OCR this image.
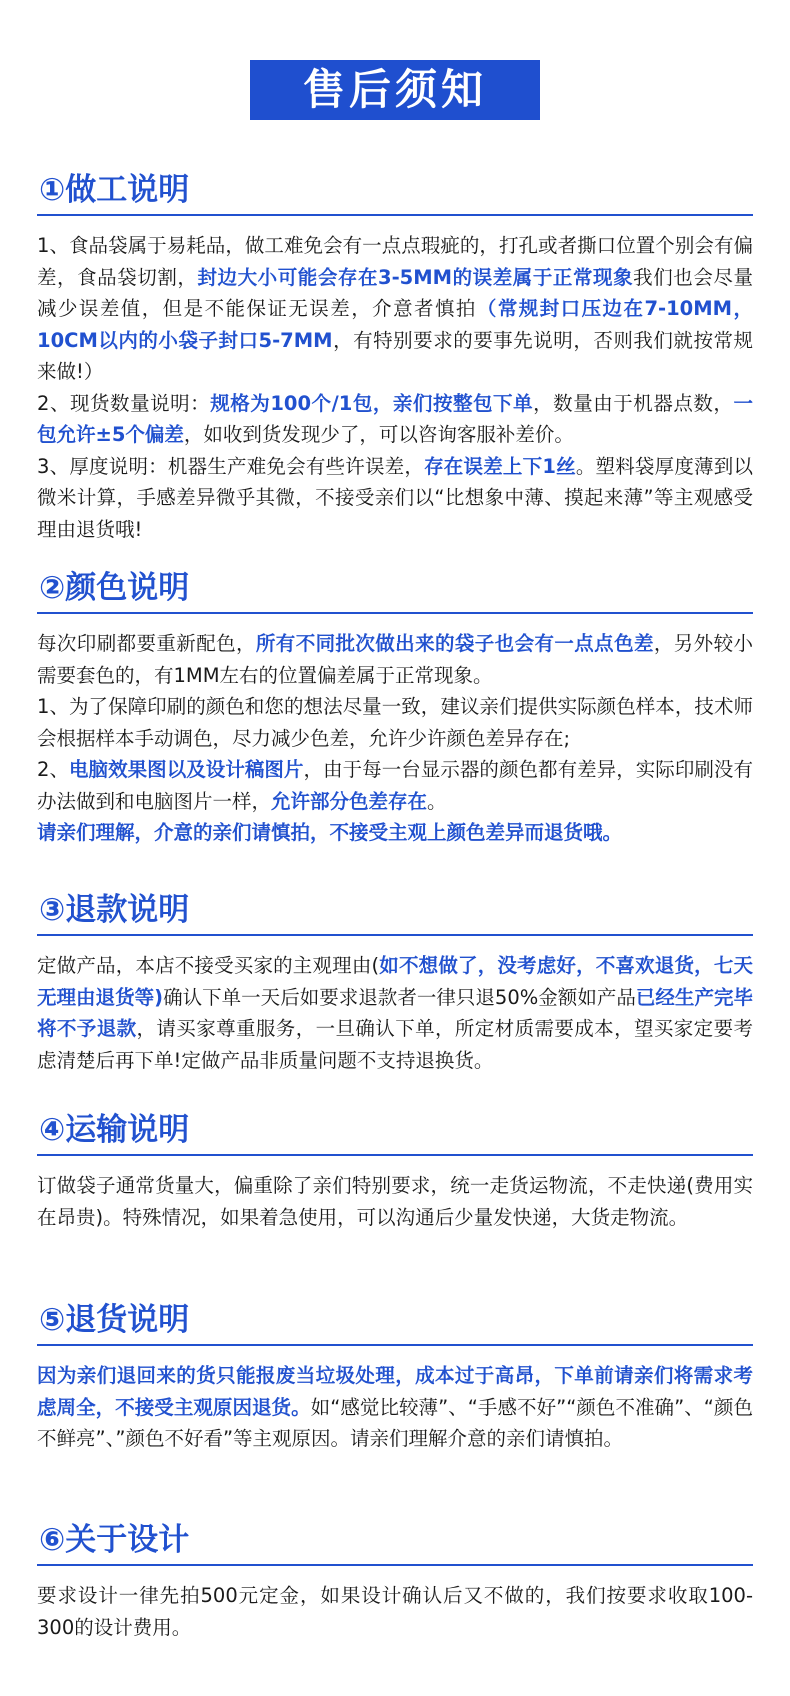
售后须知
①做工说明

1、食品袋属于易耗品，做工难免会有一点点瑕疵的，打孔或者撕口位置个别会有偏差，食品袋切割，封边大小可能会存在3-5MM的误差属于正常现象我们也会尽量减少误差值，但是不能保证无误差，介意者慎拍（常规封口压边在7-10MM，10CM以内的小袋子封口5-7MM，有特别要求的要事先说明，否则我们就按常规来做!）

2、现货数量说明：规格为100个/1包，亲们按整包下单，数量由于机器点数，一包允许±5个偏差，如收到货发现少了，可以咨询客服补差价。

3、厚度说明：机器生产难免会有些许误差，存在误差上下1丝。塑料袋厚度薄到以微米计算，手感差异微乎其微，不接受亲们以“比想象中薄、摸起来薄”等主观感受理由退货哦!

②颜色说明

每次印刷都要重新配色，所有不同批次做出来的袋子也会有一点点色差，另外较小需要套色的，有1MM左右的位置偏差属于正常现象。

1、为了保障印刷的颜色和您的想法尽量一致，建议亲们提供实际颜色样本，技术师会根据样本手动调色，尽力减少色差，允许少许颜色差异存在;

2、电脑效果图以及设计稿图片，由于每一台显示器的颜色都有差异，实际印刷没有办法做到和电脑图片一样，允许部分色差存在。

请亲们理解，介意的亲们请慎拍，不接受主观上颜色差异而退货哦。

③退款说明

定做产品，本店不接受买家的主观理由(如不想做了，没考虑好，不喜欢退货，七天无理由退货等)确认下单一天后如要求退款者一律只退50%金额如产品已经生产完毕将不予退款，请买家尊重服务，一旦确认下单，所定材质需要成本，望买家定要考虑清楚后再下单!定做产品非质量问题不支持退换货。

④运输说明

订做袋子通常货量大，偏重除了亲们特别要求，统一走货运物流，不走快递(费用实在昂贵)。特殊情况，如果着急使用，可以沟通后少量发快递，大货走物流。

⑤退货说明

因为亲们退回来的货只能报废当垃圾处理，成本过于高昂，下单前请亲们将需求考虑周全，不接受主观原因退货。如“感觉比较薄”、“手感不好”“颜色不准确”、“颜色不鲜亮”、”颜色不好看”等主观原因。请亲们理解介意的亲们请慎拍。

⑥关于设计

要求设计一律先拍500元定金，如果设计确认后又不做的，我们按要求收取100- 300的设计费用。
